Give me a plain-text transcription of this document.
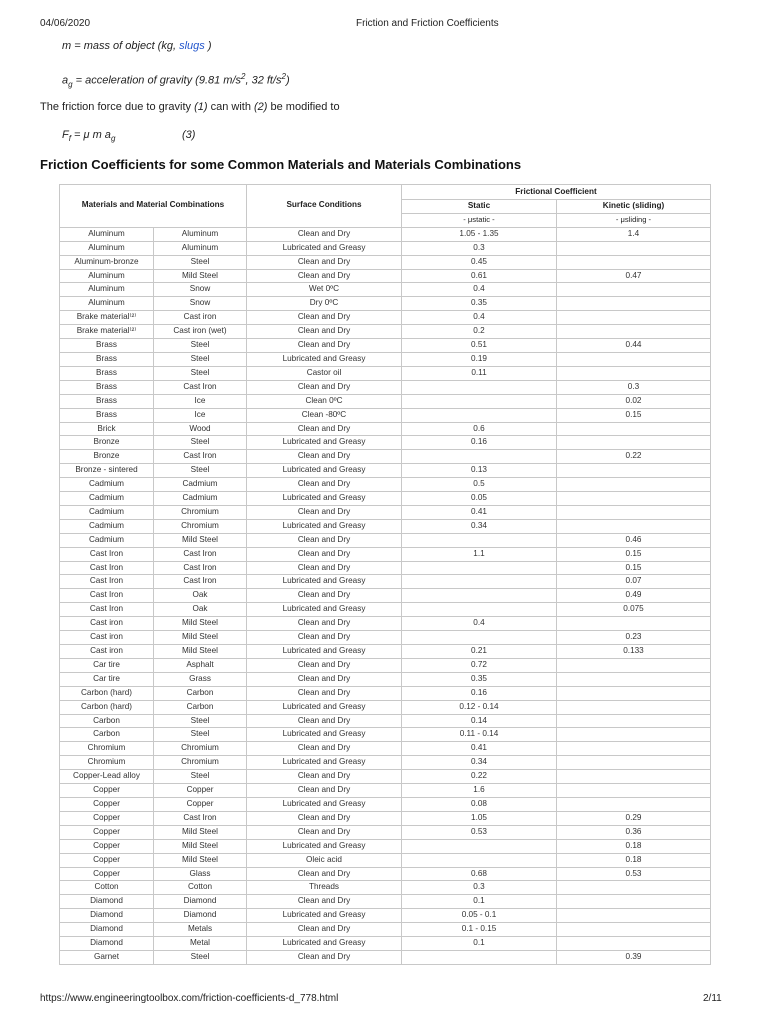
04/06/2020	Friction and Friction Coefficients
m = mass of object (kg, slugs )
$a_g$ = acceleration of gravity (9.81 $m/s^2$, 32 $ft/s^2$)
The friction force due to gravity (1) can with (2) be modified to
$F_f = \mu$ m $a_g$	(3)
Friction Coefficients for some Common Materials and Materials Combinations
Materials and Material Combinations		Surface Conditions	Frictional Coefficient	
			Static	Kinetic (sliding)
			- μstatic -	- μsliding -
Aluminum	Aluminum	Clean and Dry	1.05 - 1.35	1.4
Aluminum	Aluminum	Lubricated and Greasy	0.3	
Aluminum-bronze	Steel	Clean and Dry	0.45	
Aluminum	Mild Steel	Clean and Dry	0.61	0.47
Aluminum	Snow	Wet 0ºC	0.4	
Aluminum	Snow	Dry 0ºC	0.35	
Brake material⁽²⁾	Cast iron	Clean and Dry	0.4	
Brake material⁽²⁾	Cast iron (wet)	Clean and Dry	0.2	
Brass	Steel	Clean and Dry	0.51	0.44
Brass	Steel	Lubricated and Greasy	0.19	
Brass	Steel	Castor oil	0.11	
Brass	Cast Iron	Clean and Dry		0.3
Brass	Ice	Clean 0ºC		0.02
Brass	Ice	Clean -80ºC		0.15
Brick	Wood	Clean and Dry	0.6	
Bronze	Steel	Lubricated and Greasy	0.16	
Bronze	Cast Iron	Clean and Dry		0.22
Bronze - sintered	Steel	Lubricated and Greasy	0.13	
Cadmium	Cadmium	Clean and Dry	0.5	
Cadmium	Cadmium	Lubricated and Greasy	0.05	
Cadmium	Chromium	Clean and Dry	0.41	
Cadmium	Chromium	Lubricated and Greasy	0.34	
Cadmium	Mild Steel	Clean and Dry		0.46
Cast Iron	Cast Iron	Clean and Dry	1.1	0.15
Cast Iron	Cast Iron	Clean and Dry		0.15
Cast Iron	Cast Iron	Lubricated and Greasy		0.07
Cast Iron	Oak	Clean and Dry		0.49
Cast Iron	Oak	Lubricated and Greasy		0.075
Cast iron	Mild Steel	Clean and Dry	0.4	
Cast iron	Mild Steel	Clean and Dry		0.23
Cast iron	Mild Steel	Lubricated and Greasy	0.21	0.133
Car tire	Asphalt	Clean and Dry	0.72	
Car tire	Grass	Clean and Dry	0.35	
Carbon (hard)	Carbon	Clean and Dry	0.16	
Carbon (hard)	Carbon	Lubricated and Greasy	0.12 - 0.14	
Carbon	Steel	Clean and Dry	0.14	
Carbon	Steel	Lubricated and Greasy	0.11 - 0.14	
Chromium	Chromium	Clean and Dry	0.41	
Chromium	Chromium	Lubricated and Greasy	0.34	
Copper-Lead alloy	Steel	Clean and Dry	0.22	
Copper	Copper	Clean and Dry	1.6	
Copper	Copper	Lubricated and Greasy	0.08	
Copper	Cast Iron	Clean and Dry	1.05	0.29
Copper	Mild Steel	Clean and Dry	0.53	0.36
Copper	Mild Steel	Lubricated and Greasy		0.18
Copper	Mild Steel	Oleic acid		0.18
Copper	Glass	Clean and Dry	0.68	0.53
Cotton	Cotton	Threads	0.3	
Diamond	Diamond	Clean and Dry	0.1	
Diamond	Diamond	Lubricated and Greasy	0.05 - 0.1	
Diamond	Metals	Clean and Dry	0.1 - 0.15	
Diamond	Metal	Lubricated and Greasy	0.1	
Garnet	Steel	Clean and Dry		0.39
https://www.engineeringtoolbox.com/friction-coefficients-d_778.html	2/11
